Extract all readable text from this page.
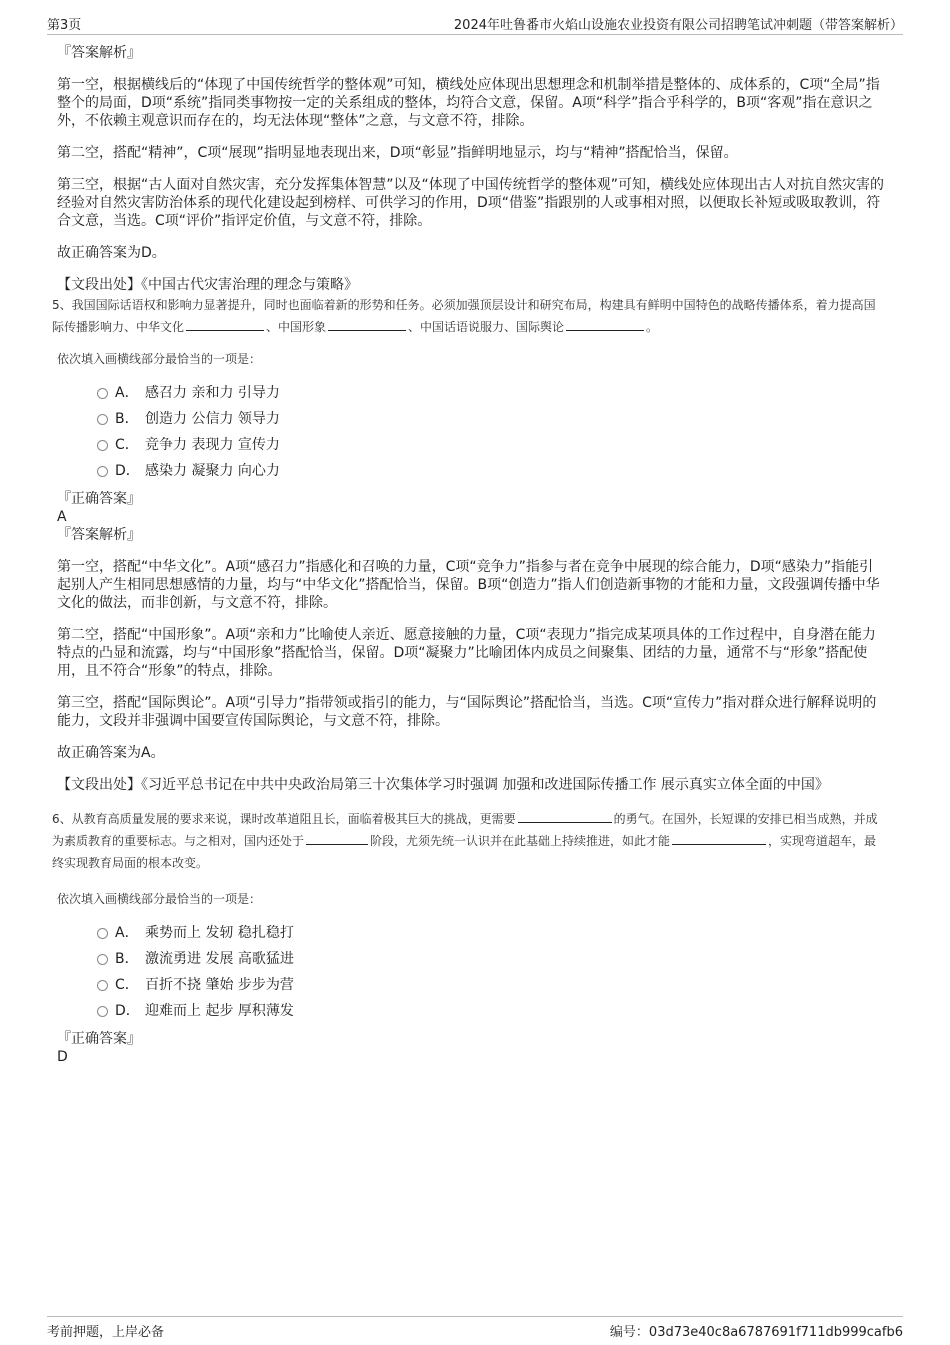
第3页	2024年吐鲁番市火焰山设施农业投资有限公司招聘笔试冲刺题（带答案解析）

『答案解析』

第一空，根据横线后的“体现了中国传统哲学的整体观”可知，横线处应体现出思想理念和机制举措是整体的、成体系的，C项“全局”指整个的局面，D项“系统”指同类事物按一定的关系组成的整体，均符合文意，保留。A项“科学”指合乎科学的，B项“客观”指在意识之外，不依赖主观意识而存在的，均无法体现“整体”之意，与文意不符，排除。

第二空，搭配“精神”，C项“展现”指明显地表现出来，D项“彰显”指鲜明地显示，均与“精神”搭配恰当，保留。

第三空，根据“古人面对自然灾害，充分发挥集体智慧”以及“体现了中国传统哲学的整体观”可知，横线处应体现出古人对抗自然灾害的经验对自然灾害防治体系的现代化建设起到榜样、可供学习的作用，D项“借鉴”指跟别的人或事相对照，以便取长补短或吸取教训，符合文意，当选。C项“评价”指评定价值，与文意不符，排除。

故正确答案为D。

【文段出处】《中国古代灾害治理的理念与策略》

5、我国国际话语权和影响力显著提升，同时也面临着新的形势和任务。必须加强顶层设计和研究布局，构建具有鲜明中国特色的战略传播体系，着力提高国际传播影响力、中华文化	、中国形象	、中国话语说服力、国际舆论	。

依次填入画横线部分最恰当的一项是：

A． 感召力 亲和力 引导力
B． 创造力 公信力 领导力
C． 竞争力 表现力 宣传力
D． 感染力 凝聚力 向心力

『正确答案』

A

『答案解析』

第一空，搭配“中华文化”。A项“感召力”指感化和召唤的力量，C项“竞争力”指参与者在竞争中展现的综合能力，D项“感染力”指能引起别人产生相同思想感情的力量，均与“中华文化”搭配恰当，保留。B项“创造力”指人们创造新事物的才能和力量，文段强调传播中华文化的做法，而非创新，与文意不符，排除。

第二空，搭配“中国形象”。A项“亲和力”比喻使人亲近、愿意接触的力量，C项“表现力”指完成某项具体的工作过程中，自身潜在能力特点的凸显和流露，均与“中国形象”搭配恰当，保留。D项“凝聚力”比喻团体内成员之间聚集、团结的力量，通常不与“形象”搭配使用，且不符合“形象”的特点，排除。

第三空，搭配“国际舆论”。A项“引导力”指带领或指引的能力，与“国际舆论”搭配恰当，当选。C项“宣传力”指对群众进行解释说明的能力，文段并非强调中国要宣传国际舆论，与文意不符，排除。

故正确答案为A。

【文段出处】《习近平总书记在中共中央政治局第三十次集体学习时强调 加强和改进国际传播工作 展示真实立体全面的中国》

6、从教育高质量发展的要求来说，课时改革道阻且长，面临着极其巨大的挑战，更需要	的勇气。在国外，长短课的安排已相当成熟，并成为素质教育的重要标志。与之相对，国内还处于	阶段，尤须先统一认识并在此基础上持续推进，如此才能	，实现弯道超车，最终实现教育局面的根本改变。

依次填入画横线部分最恰当的一项是：

A． 乘势而上 发轫 稳扎稳打
B． 激流勇进 发展 高歌猛进
C． 百折不挠 肇始 步步为营
D． 迎难而上 起步 厚积薄发

『正确答案』

D

考前押题，上岸必备	编号：03d73e40c8a6787691f711db999cafb6
